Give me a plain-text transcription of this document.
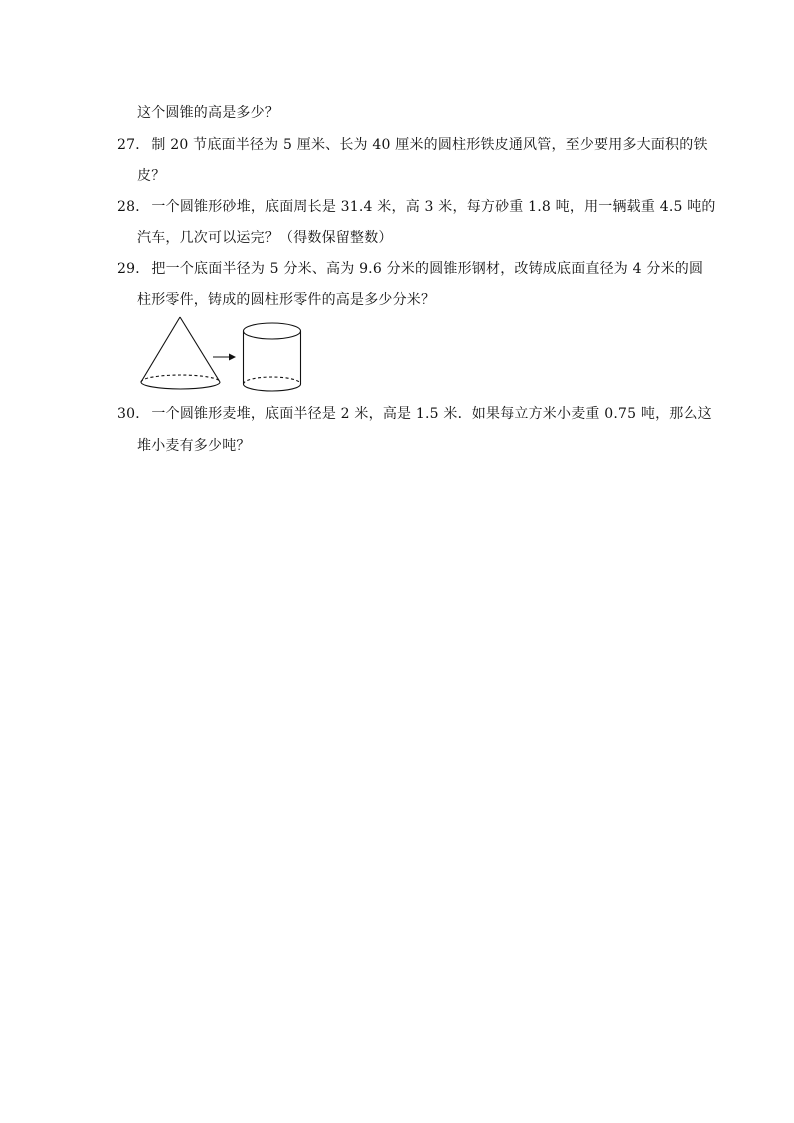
这个圆锥的高是多少？
27． 制 20 节底面半径为 5 厘米、长为 40 厘米的圆柱形铁皮通风管，至少要用多大面积的铁
皮？
28． 一个圆锥形砂堆，底面周长是 31.4 米，高 3 米，每方砂重 1.8 吨，用一辆载重 4.5 吨的
汽车，几次可以运完？（得数保留整数）
29． 把一个底面半径为 5 分米、高为 9.6 分米的圆锥形钢材，改铸成底面直径为 4 分米的圆
柱形零件，铸成的圆柱形零件的高是多少分米？
30． 一个圆锥形麦堆，底面半径是 2 米，高是 1.5 米．如果每立方米小麦重 0.75 吨，那么这
堆小麦有多少吨？
